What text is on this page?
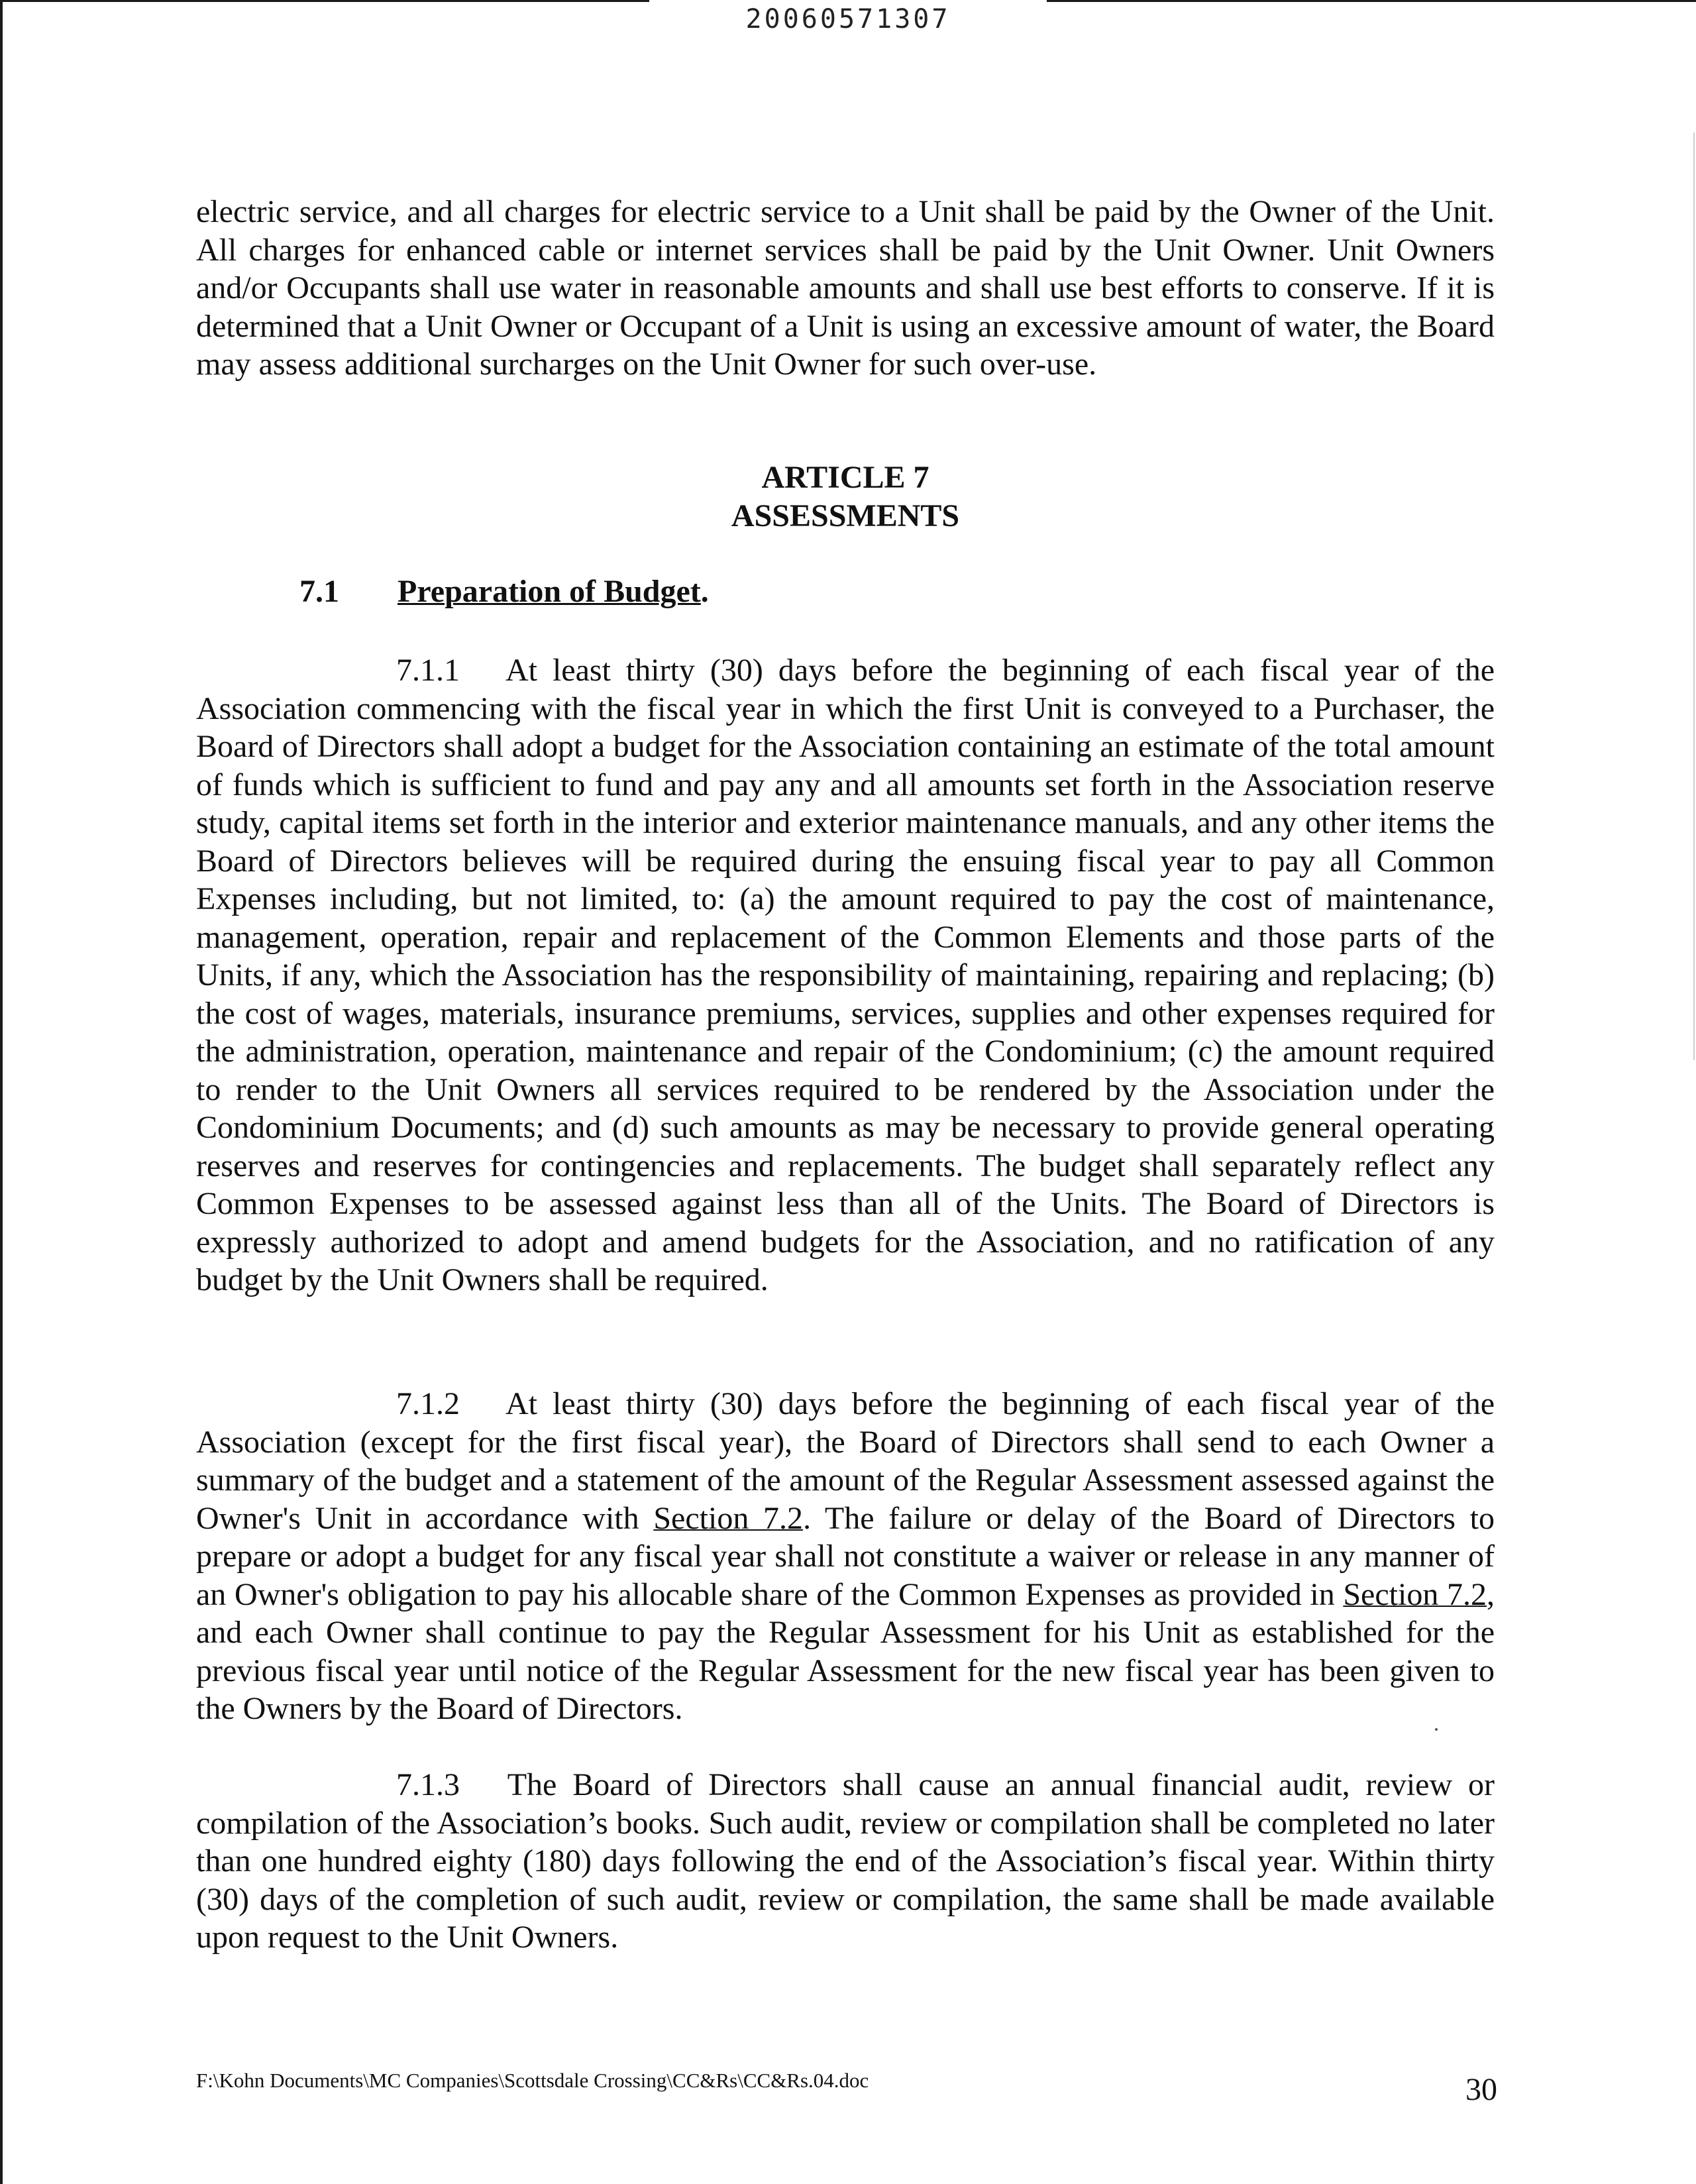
20060571307

electric service, and all charges for electric service to a Unit shall be paid by the Owner of the Unit. All charges for enhanced cable or internet services shall be paid by the Unit Owner. Unit Owners and/or Occupants shall use water in reasonable amounts and shall use best efforts to conserve. If it is determined that a Unit Owner or Occupant of a Unit is using an excessive amount of water, the Board may assess additional surcharges on the Unit Owner for such over-use.

ARTICLE 7
ASSESSMENTS
7.1 Preparation of Budget.

7.1.1 At least thirty (30) days before the beginning of each fiscal year of the Association commencing with the fiscal year in which the first Unit is conveyed to a Purchaser, the Board of Directors shall adopt a budget for the Association containing an estimate of the total amount of funds which is sufficient to fund and pay any and all amounts set forth in the Association reserve study, capital items set forth in the interior and exterior maintenance manuals, and any other items the Board of Directors believes will be required during the ensuing fiscal year to pay all Common Expenses including, but not limited, to: (a) the amount required to pay the cost of maintenance, management, operation, repair and replacement of the Common Elements and those parts of the Units, if any, which the Association has the responsibility of maintaining, repairing and replacing; (b) the cost of wages, materials, insurance premiums, services, supplies and other expenses required for the administration, operation, maintenance and repair of the Condominium; (c) the amount required to render to the Unit Owners all services required to be rendered by the Association under the Condominium Documents; and (d) such amounts as may be necessary to provide general operating reserves and reserves for contingencies and replacements. The budget shall separately reflect any Common Expenses to be assessed against less than all of the Units. The Board of Directors is expressly authorized to adopt and amend budgets for the Association, and no ratification of any budget by the Unit Owners shall be required.

7.1.2 At least thirty (30) days before the beginning of each fiscal year of the Association (except for the first fiscal year), the Board of Directors shall send to each Owner a summary of the budget and a statement of the amount of the Regular Assessment assessed against the Owner's Unit in accordance with Section 7.2. The failure or delay of the Board of Directors to prepare or adopt a budget for any fiscal year shall not constitute a waiver or release in any manner of an Owner's obligation to pay his allocable share of the Common Expenses as provided in Section 7.2, and each Owner shall continue to pay the Regular Assessment for his Unit as established for the previous fiscal year until notice of the Regular Assessment for the new fiscal year has been given to the Owners by the Board of Directors.

7.1.3 The Board of Directors shall cause an annual financial audit, review or compilation of the Association’s books. Such audit, review or compilation shall be completed no later than one hundred eighty (180) days following the end of the Association’s fiscal year. Within thirty (30) days of the completion of such audit, review or compilation, the same shall be made available upon request to the Unit Owners.

F:\Kohn Documents\MC Companies\Scottsdale Crossing\CC&Rs\CC&Rs.04.doc	30
